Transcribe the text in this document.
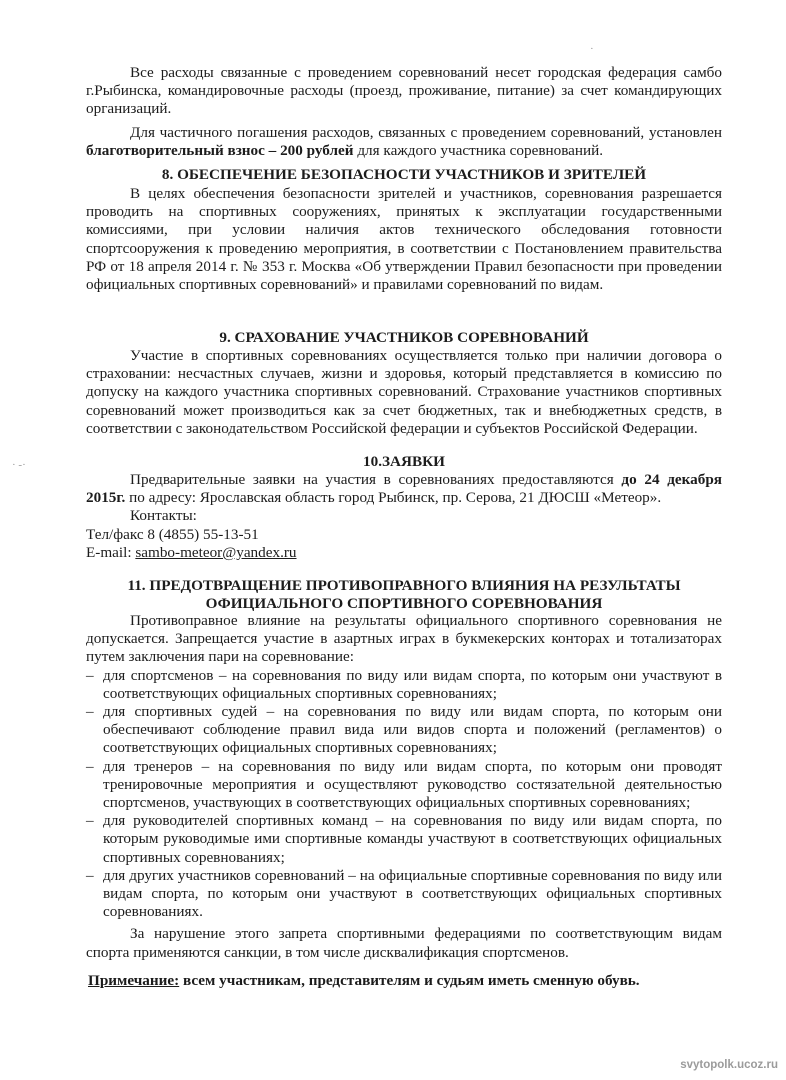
Все расходы связанные с проведением соревнований несет городская федерация самбо г.Рыбинска, командировочные расходы (проезд, проживание, питание) за счет командирующих организаций.

Для частичного погашения расходов, связанных с проведением соревнований, установлен благотворительный взнос – 200 рублей для каждого участника соревнований.

8. ОБЕСПЕЧЕНИЕ БЕЗОПАСНОСТИ УЧАСТНИКОВ И ЗРИТЕЛЕЙ

В целях обеспечения безопасности зрителей и участников, соревнования разрешается проводить на спортивных сооружениях, принятых к эксплуатации государственными комиссиями, при условии наличия актов технического обследования готовности спортсооружения к проведению мероприятия, в соответствии с Постановлением правительства РФ от 18 апреля 2014 г. № 353 г. Москва «Об утверждении Правил безопасности при проведении официальных спортивных соревнований» и правилами соревнований по видам.

9. СРАХОВАНИЕ УЧАСТНИКОВ СОРЕВНОВАНИЙ

Участие в спортивных соревнованиях осуществляется только при наличии договора о страховании: несчастных случаев, жизни и здоровья, который представляется в комиссию по допуску на каждого участника спортивных соревнований. Страхование участников спортивных соревнований может производиться как за счет бюджетных, так и внебюджетных средств, в соответствии с законодательством Российской федерации и субъектов Российской Федерации.

10.ЗАЯВКИ

Предварительные заявки на участия в соревнованиях предоставляются до 24 декабря 2015г. по адресу: Ярославская область город Рыбинск, пр. Серова, 21 ДЮСШ «Метеор».

Контакты:

Тел/факс 8 (4855) 55-13-51

E-mail: sambo-meteor@yandex.ru

11. ПРЕДОТВРАЩЕНИЕ ПРОТИВОПРАВНОГО ВЛИЯНИЯ НА РЕЗУЛЬТАТЫ
ОФИЦИАЛЬНОГО СПОРТИВНОГО СОРЕВНОВАНИЯ

Противоправное влияние на результаты официального спортивного соревнования не допускается. Запрещается участие в азартных играх в букмекерских конторах и тотализаторах путем заключения пари на соревнование:

– для спортсменов – на соревнования по виду или видам спорта, по которым они участвуют в соответствующих официальных спортивных соревнованиях;
– для спортивных судей – на соревнования по виду или видам спорта, по которым они обеспечивают соблюдение правил вида или видов спорта и положений (регламентов) о соответствующих официальных спортивных соревнованиях;
– для тренеров – на соревнования по виду или видам спорта, по которым они проводят тренировочные мероприятия и осуществляют руководство состязательной деятельностью спортсменов, участвующих в соответствующих официальных спортивных соревнованиях;
– для руководителей спортивных команд – на соревнования по виду или видам спорта, по которым руководимые ими спортивные команды участвуют в соответствующих официальных спортивных соревнованиях;
– для других участников соревнований – на официальные спортивные соревнования по виду или видам спорта, по которым они участвуют в соответствующих официальных спортивных соревнованиях.

За нарушение этого запрета спортивными федерациями по соответствующим видам спорта применяются санкции, в том числе дисквалификация спортсменов.

Примечание: всем участникам, представителям и судьям иметь сменную обувь.

· -·
·
svytopolk.ucoz.ru
